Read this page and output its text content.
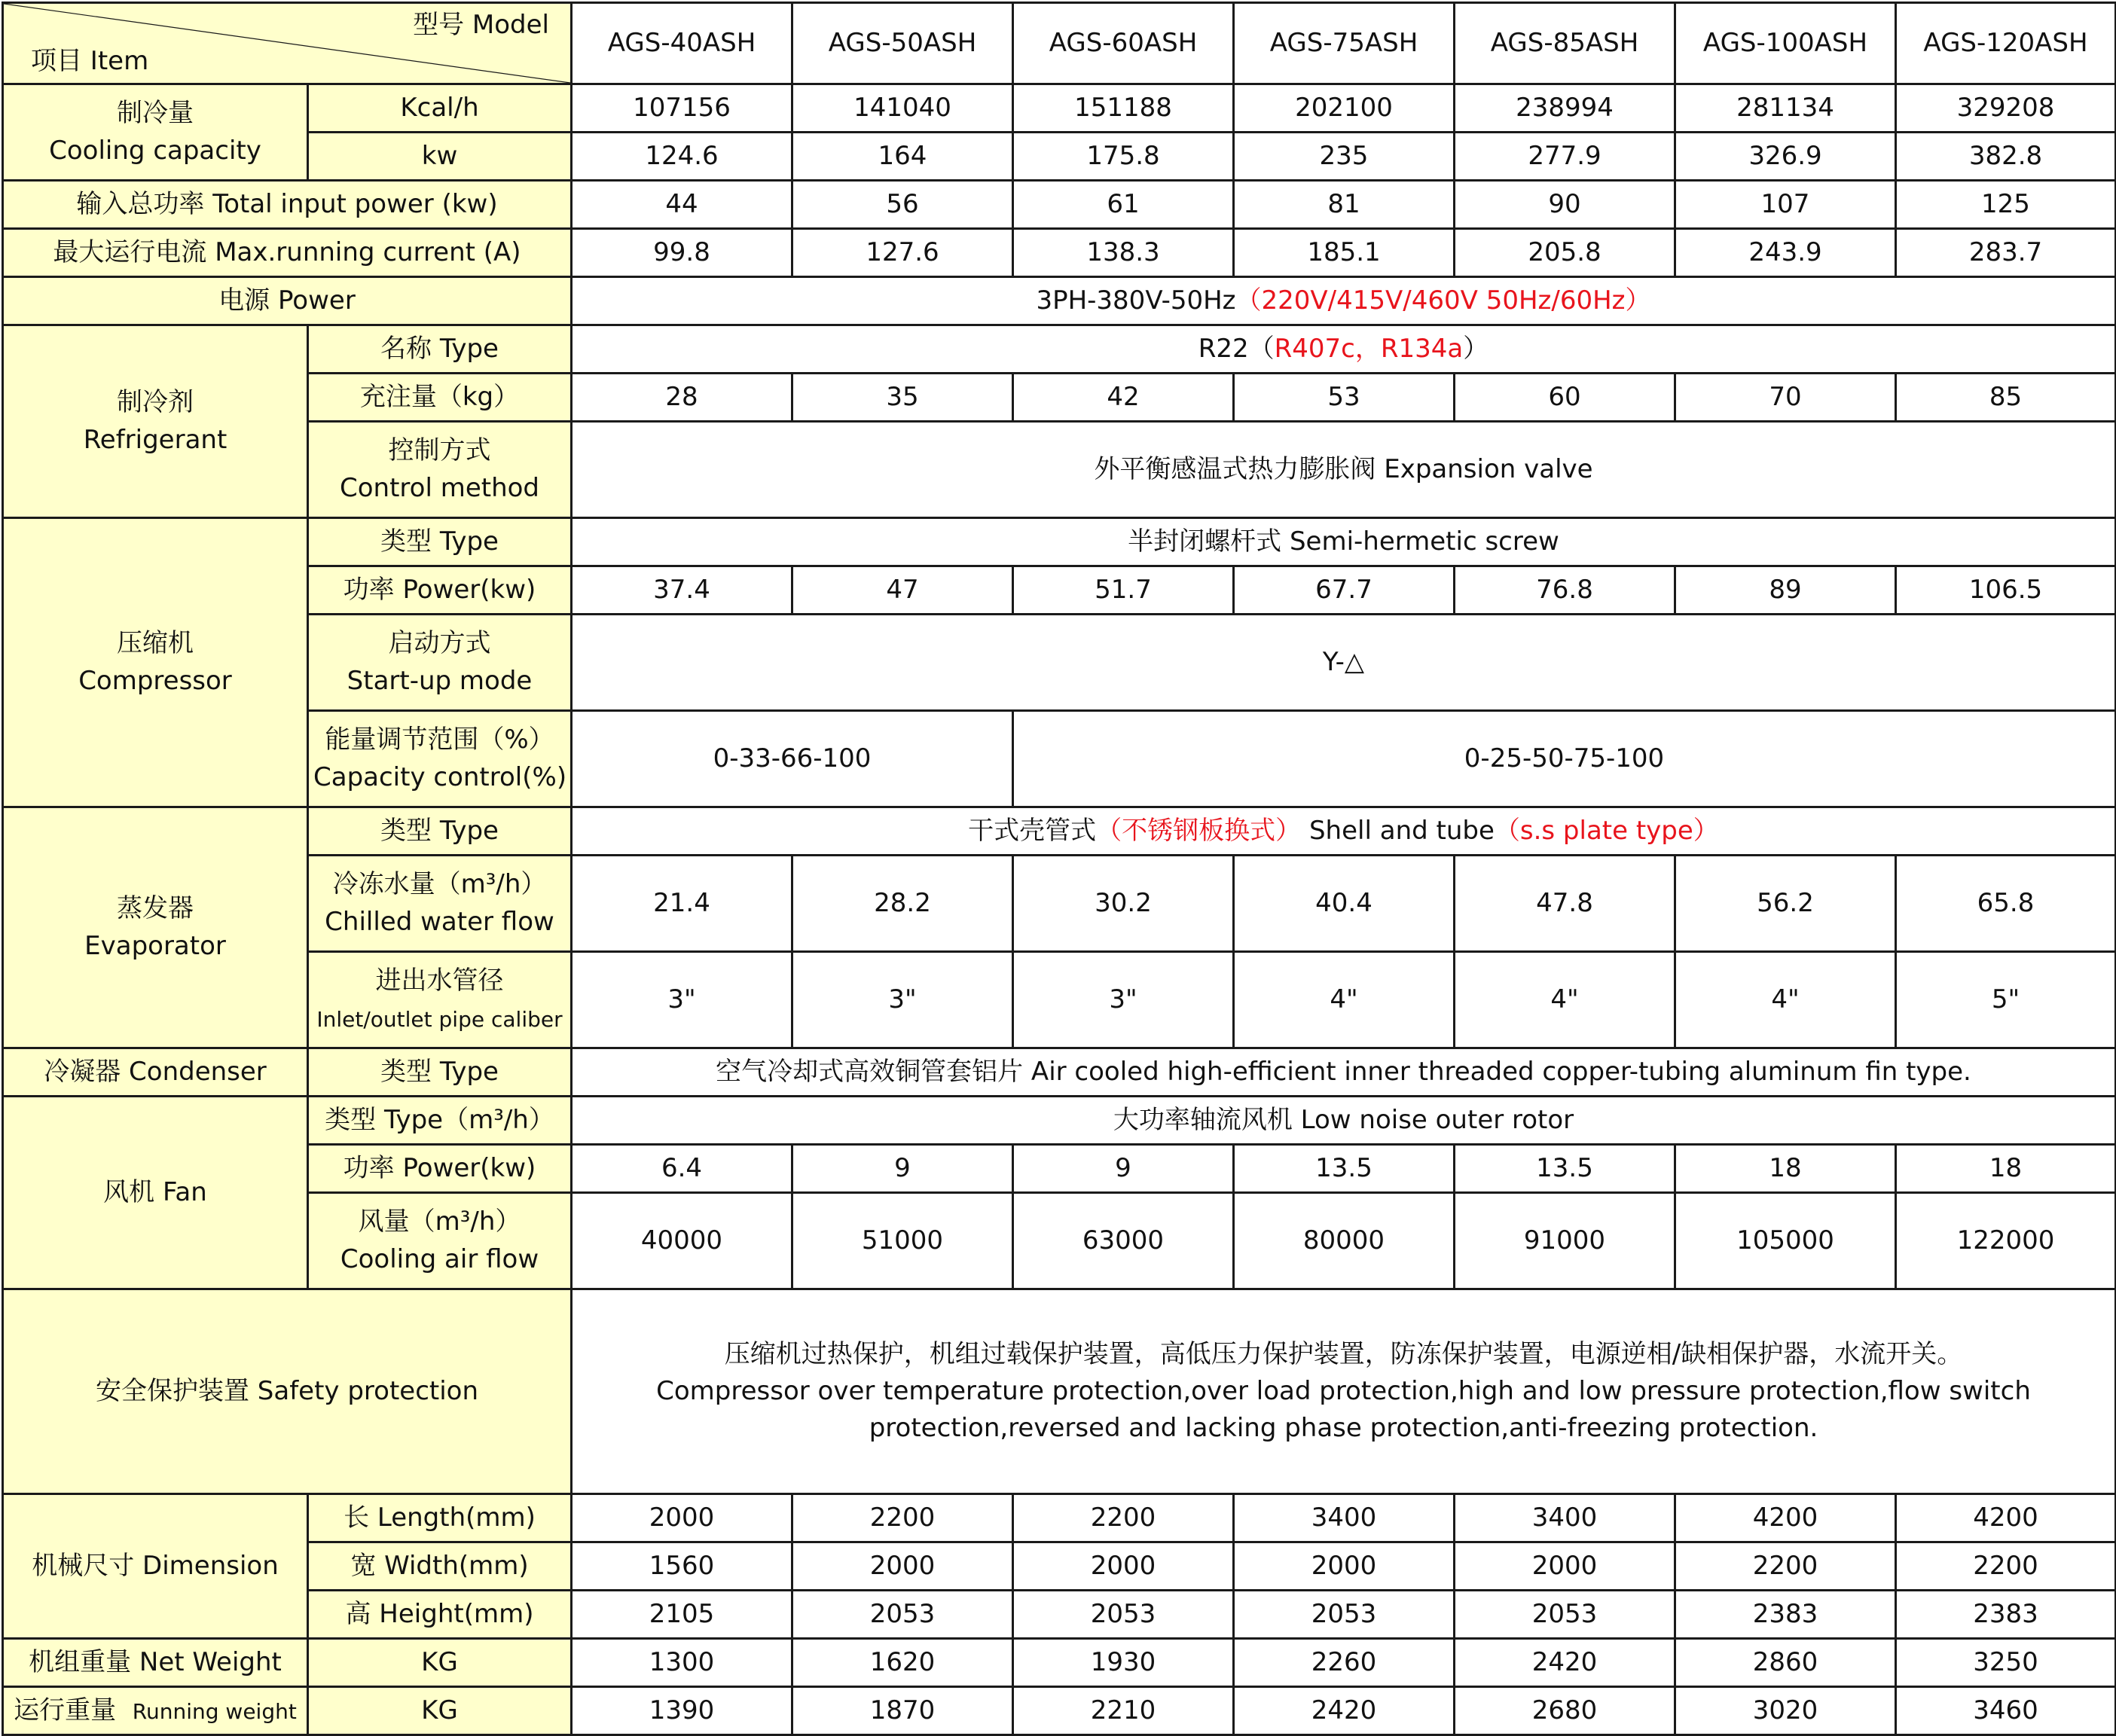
型号 Model
项目 Item		AGS-40ASH	AGS-50ASH	AGS-60ASH	AGS-75ASH	AGS-85ASH	AGS-100ASH	AGS-120ASH
制冷量
Cooling capacity	Kcal/h	107156	141040	151188	202100	238994	281134	329208
	kw	124.6	164	175.8	235	277.9	326.9	382.8
输入总功率 Total input power (kw)		44	56	61	81	90	107	125
最大运行电流 Max.running current (A)		99.8	127.6	138.3	185.1	205.8	243.9	283.7
电源 Power		3PH-380V-50Hz（220V/415V/460V 50Hz/60Hz）						
制冷剂
Refrigerant	名称 Type	R22（R407c，R134a）						
	充注量（kg）	28	35	42	53	60	70	85
	控制方式
Control method	外平衡感温式热力膨胀阀 Expansion valve						
压缩机
Compressor	类型 Type	半封闭螺杆式 Semi-hermetic screw						
	功率 Power(kw)	37.4	47	51.7	67.7	76.8	89	106.5
	启动方式
Start-up mode	Y-△						
	能量调节范围（%）
Capacity control(%)	0-33-66-100		0-25-50-75-100				
蒸发器
Evaporator	类型 Type	干式壳管式（不锈钢板换式） Shell and tube（s.s plate type）						
	冷冻水量（m³/h）
Chilled water flow	21.4	28.2	30.2	40.4	47.8	56.2	65.8
	进出水管径
Inlet/outlet pipe caliber	3"	3"	3"	4"	4"	4"	5"
冷凝器 Condenser	类型 Type	空气冷却式高效铜管套铝片 Air cooled high-efficient inner threaded copper-tubing aluminum fin type.						
风机 Fan	类型 Type（m³/h）	大功率轴流风机 Low noise outer rotor						
	功率 Power(kw)	6.4	9	9	13.5	13.5	18	18
	风量（m³/h）
Cooling air flow	40000	51000	63000	80000	91000	105000	122000
安全保护装置 Safety protection		压缩机过热保护，机组过载保护装置，高低压力保护装置，防冻保护装置，电源逆相/缺相保护器，水流开关。
Compressor over temperature protection,over load protection,high and low pressure protection,flow switch protection,reversed and lacking phase protection,anti-freezing protection.						

机械尺寸 Dimension	长 Length(mm)	2000	2200	2200	3400	3400	4200	4200
	宽 Width(mm)	1560	2000	2000	2000	2000	2200	2200
	高 Height(mm)	2105	2053	2053	2053	2053	2383	2383
机组重量 Net Weight	KG	1300	1620	1930	2260	2420	2860	3250
运行重量 Running weight	KG	1390	1870	2210	2420	2680	3020	3460
